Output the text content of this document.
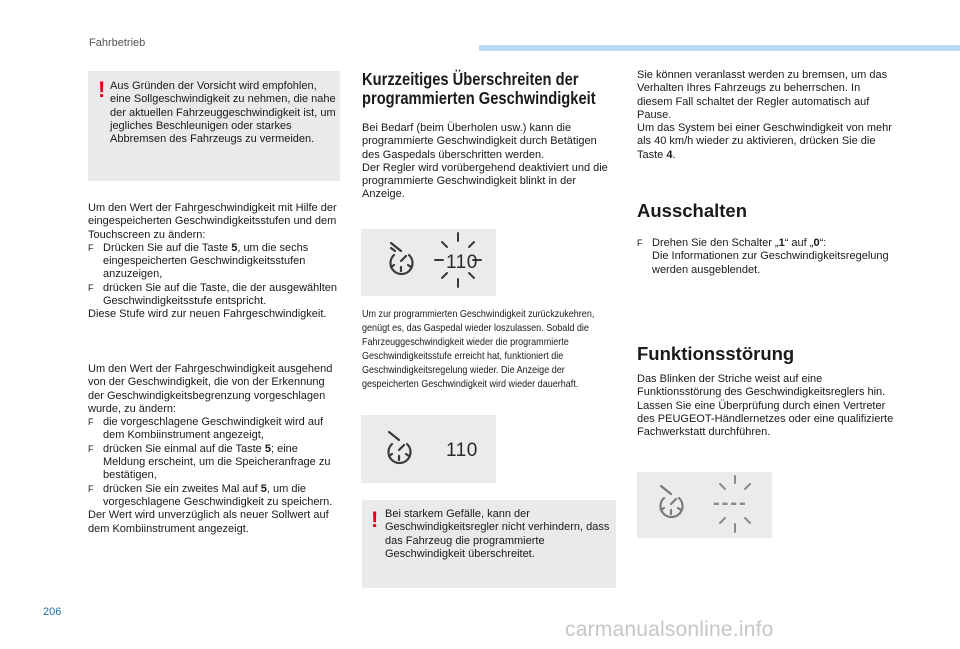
Fahrbetrieb
! Aus Gründen der Vorsicht wird empfohlen, eine Sollgeschwindigkeit zu nehmen, die nahe der aktuellen Fahrzeuggeschwindigkeit ist, um jegliches Beschleunigen oder starkes Abbremsen des Fahrzeugs zu vermeiden.

Um den Wert der Fahrgeschwindigkeit mit Hilfe der eingespeicherten Geschwindigkeitsstufen und dem Touchscreen zu ändern:

F Drücken Sie auf die Taste 5, um die sechs eingespeicherten Geschwindigkeitsstufen anzuzeigen,

F drücken Sie auf die Taste, die der ausgewählten Geschwindigkeitsstufe entspricht.

Diese Stufe wird zur neuen Fahrgeschwindigkeit.

Um den Wert der Fahrgeschwindigkeit ausgehend von der Geschwindigkeit, die von der Erkennung der Geschwindigkeitsbegrenzung vorgeschlagen wurde, zu ändern:

F die vorgeschlagene Geschwindigkeit wird auf dem Kombiinstrument angezeigt,

F drücken Sie einmal auf die Taste 5; eine Meldung erscheint, um die Speicheranfrage zu bestätigen,

F drücken Sie ein zweites Mal auf 5, um die vorgeschlagene Geschwindigkeit zu speichern.

Der Wert wird unverzüglich als neuer Sollwert auf dem Kombiinstrument angezeigt.

Kurzzeitiges Überschreiten der
programmierten Geschwindigkeit

Bei Bedarf (beim Überholen usw.) kann die programmierte Geschwindigkeit durch Betätigen des Gaspedals überschritten werden.

Der Regler wird vorübergehend deaktiviert und die programmierte Geschwindigkeit blinkt in der Anzeige.

110

Um zur programmierten Geschwindigkeit zurückzukehren, genügt es, das Gaspedal wieder loszulassen. Sobald die Fahrzeuggeschwindigkeit wieder die programmierte Geschwindigkeitsstufe erreicht hat, funktioniert die Geschwindigkeitsregelung wieder. Die Anzeige der gespeicherten Geschwindigkeit wird wieder dauerhaft.

110
! Bei starkem Gefälle, kann der Geschwindigkeitsregler nicht verhindern, dass das Fahrzeug die programmierte Geschwindigkeit überschreitet.

Sie können veranlasst werden zu bremsen, um das Verhalten Ihres Fahrzeugs zu beherrschen. In diesem Fall schaltet der Regler automatisch auf Pause.

Um das System bei einer Geschwindigkeit von mehr als 40 km/h wieder zu aktivieren, drücken Sie die Taste 4.

Ausschalten

F Drehen Sie den Schalter „1“ auf „0“:
Die Informationen zur Geschwindigkeitsregelung werden ausgeblendet.

Funktionsstörung

Das Blinken der Striche weist auf eine Funktionsstörung des Geschwindigkeitsreglers hin.

Lassen Sie eine Überprüfung durch einen Vertreter des PEUGEOT-Händlernetzes oder eine qualifizierte Fachwerkstatt durchführen.

----
206
carmanualsonline.info
